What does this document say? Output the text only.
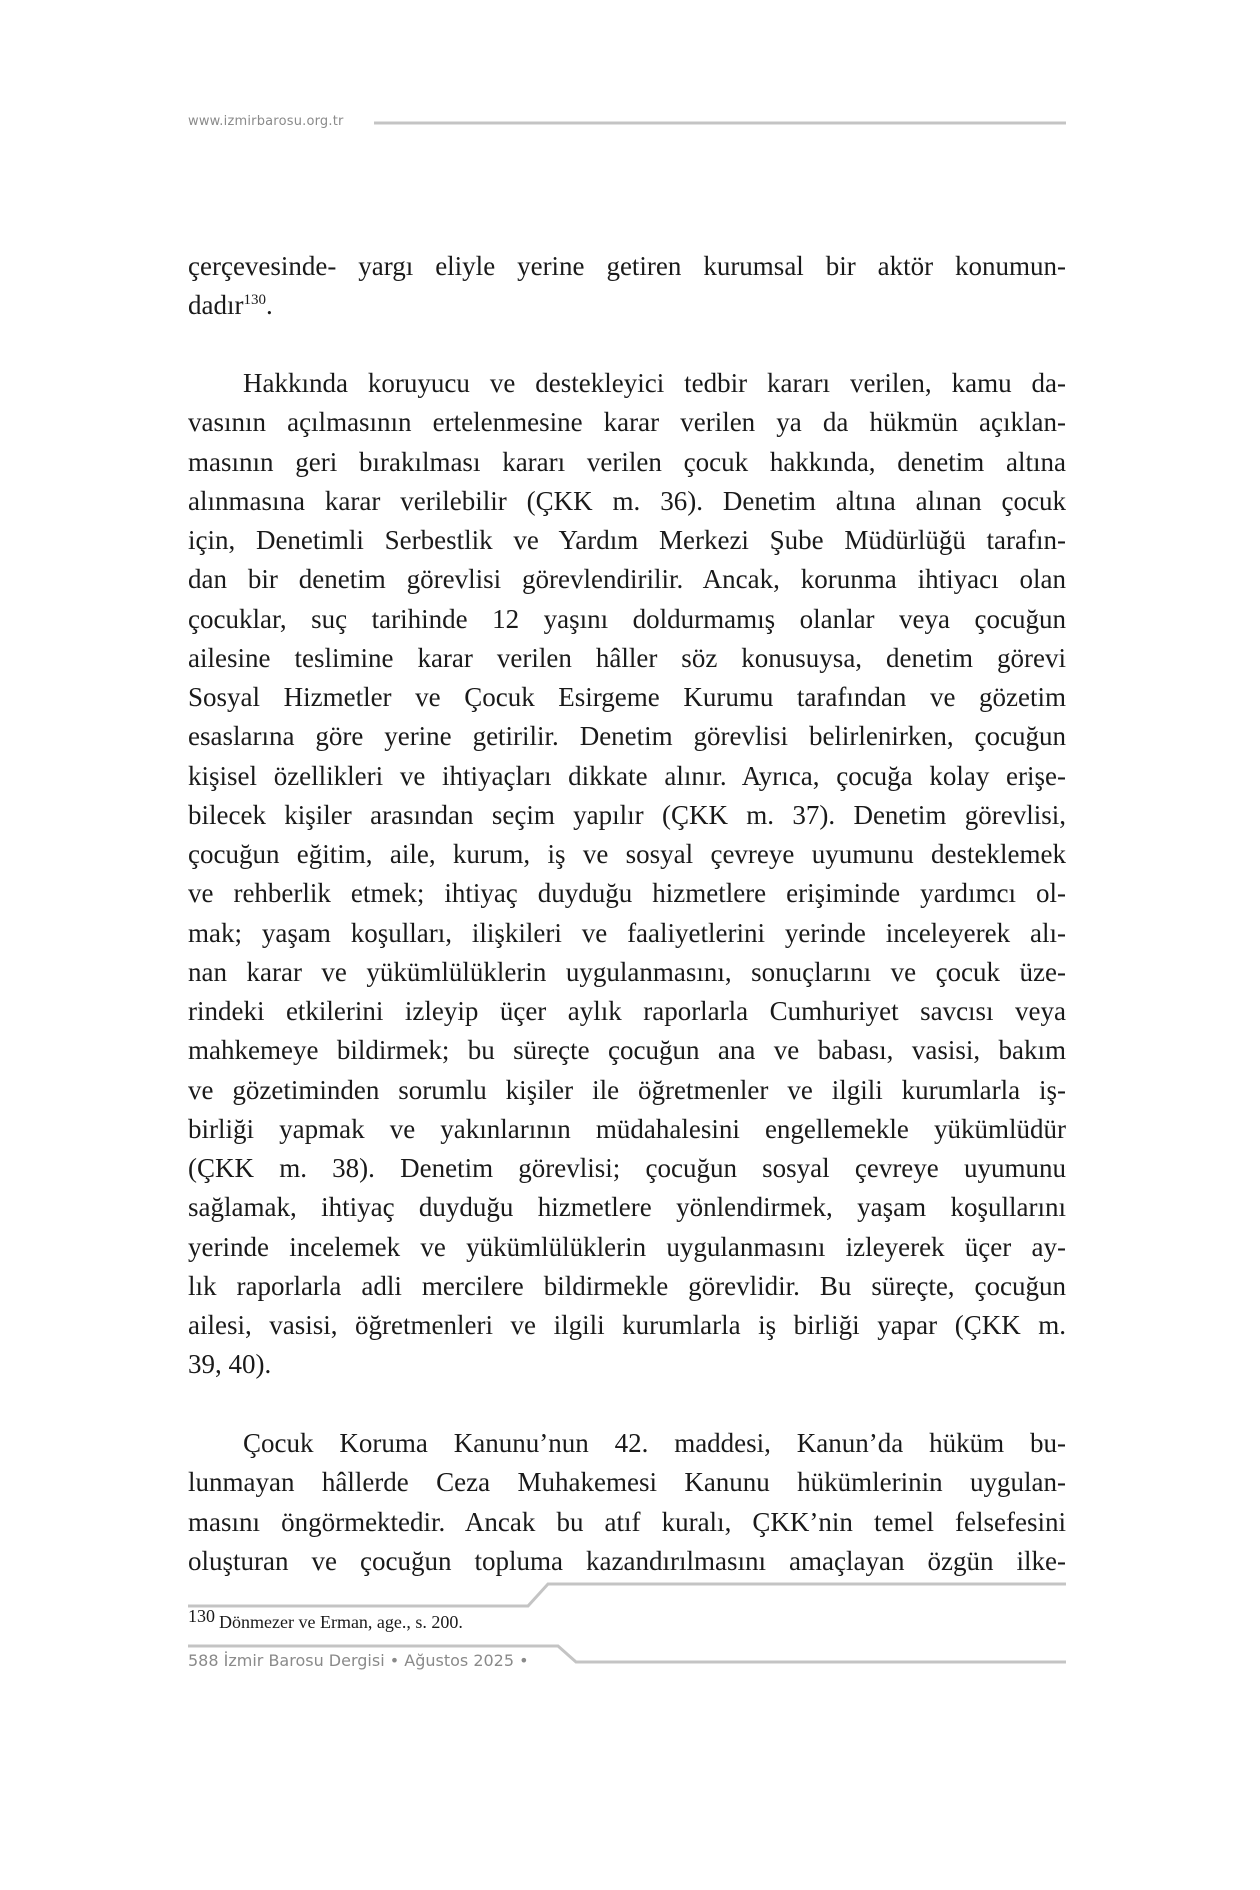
www.izmirbarosu.org.tr
çerçevesinde- yargı eliyle yerine getiren kurumsal bir aktör konumun-
dadır$^{130}$.
Hakkında koruyucu ve destekleyici tedbir kararı verilen, kamu da-
vasının açılmasının ertelenmesine karar verilen ya da hükmün açıklan-
masının geri bırakılması kararı verilen çocuk hakkında, denetim altına
alınmasına karar verilebilir (ÇKK m. 36). Denetim altına alınan çocuk
için, Denetimli Serbestlik ve Yardım Merkezi Şube Müdürlüğü tarafın-
dan bir denetim görevlisi görevlendirilir. Ancak, korunma ihtiyacı olan
çocuklar, suç tarihinde 12 yaşını doldurmamış olanlar veya çocuğun
ailesine teslimine karar verilen hâller söz konusuysa, denetim görevi
Sosyal Hizmetler ve Çocuk Esirgeme Kurumu tarafından ve gözetim
esaslarına göre yerine getirilir. Denetim görevlisi belirlenirken, çocuğun
kişisel özellikleri ve ihtiyaçları dikkate alınır. Ayrıca, çocuğa kolay erişe-
bilecek kişiler arasından seçim yapılır (ÇKK m. 37). Denetim görevlisi,
çocuğun eğitim, aile, kurum, iş ve sosyal çevreye uyumunu desteklemek
ve rehberlik etmek; ihtiyaç duyduğu hizmetlere erişiminde yardımcı ol-
mak; yaşam koşulları, ilişkileri ve faaliyetlerini yerinde inceleyerek alı-
nan karar ve yükümlülüklerin uygulanmasını, sonuçlarını ve çocuk üze-
rindeki etkilerini izleyip üçer aylık raporlarla Cumhuriyet savcısı veya
mahkemeye bildirmek; bu süreçte çocuğun ana ve babası, vasisi, bakım
ve gözetiminden sorumlu kişiler ile öğretmenler ve ilgili kurumlarla iş-
birliği yapmak ve yakınlarının müdahalesini engellemekle yükümlüdür
(ÇKK m. 38). Denetim görevlisi; çocuğun sosyal çevreye uyumunu
sağlamak, ihtiyaç duyduğu hizmetlere yönlendirmek, yaşam koşullarını
yerinde incelemek ve yükümlülüklerin uygulanmasını izleyerek üçer ay-
lık raporlarla adli mercilere bildirmekle görevlidir. Bu süreçte, çocuğun
ailesi, vasisi, öğretmenleri ve ilgili kurumlarla iş birliği yapar (ÇKK m.
39, 40).
Çocuk Koruma Kanunu’nun 42. maddesi, Kanun’da hüküm bu-
lunmayan hâllerde Ceza Muhakemesi Kanunu hükümlerinin uygulan-
masını öngörmektedir. Ancak bu atıf kuralı, ÇKK’nin temel felsefesini
oluşturan ve çocuğun topluma kazandırılmasını amaçlayan özgün ilke-
130 Dönmezer ve Erman, age., s. 200.
588 İzmir Barosu Dergisi • Ağustos 2025 •
